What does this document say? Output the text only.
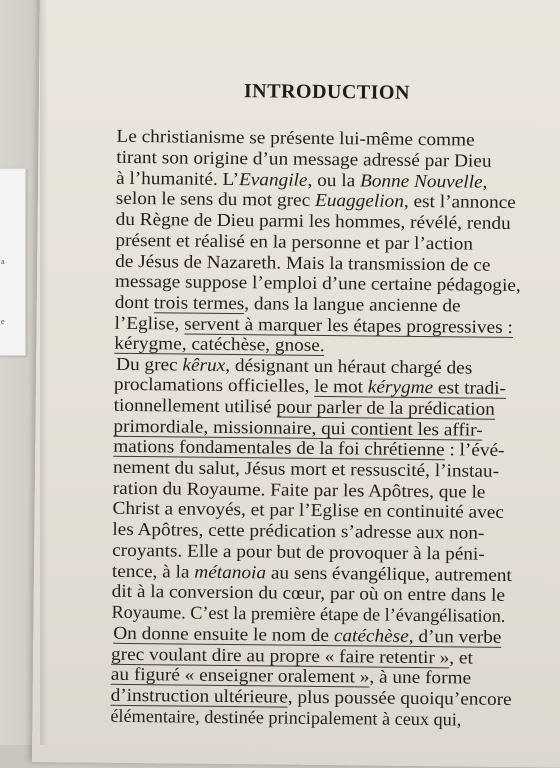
a
e
INTRODUCTION
Le christianisme se présente lui-même comme
tirant son origine d’un message adressé par Dieu
à l’humanité. L’Evangile, ou la Bonne Nouvelle,
selon le sens du mot grec Euaggelion, est l’annonce
du Règne de Dieu parmi les hommes, révélé, rendu
présent et réalisé en la personne et par l’action
de Jésus de Nazareth. Mais la transmission de ce
message suppose l’emploi d’une certaine pédagogie,
dont trois termes, dans la langue ancienne de
l’Eglise, servent à marquer les étapes progressives :
kérygme, catéchèse, gnose.
Du grec kêrux, désignant un héraut chargé des
proclamations officielles, le mot kérygme est tradi-
tionnellement utilisé pour parler de la prédication
primordiale, missionnaire, qui contient les affir-
mations fondamentales de la foi chrétienne : l’évé-
nement du salut, Jésus mort et ressuscité, l’instau-
ration du Royaume. Faite par les Apôtres, que le
Christ a envoyés, et par l’Eglise en continuité avec
les Apôtres, cette prédication s’adresse aux non-
croyants. Elle a pour but de provoquer à la péni-
tence, à la métanoia au sens évangélique, autrement
dit à la conversion du cœur, par où on entre dans le
Royaume. C’est la première étape de l’évangélisation.
On donne ensuite le nom de catéchèse, d’un verbe
grec voulant dire au propre « faire retentir », et
au figuré « enseigner oralement », à une forme
d’instruction ultérieure, plus poussée quoiqu’encore
élémentaire, destinée principalement à ceux qui,
